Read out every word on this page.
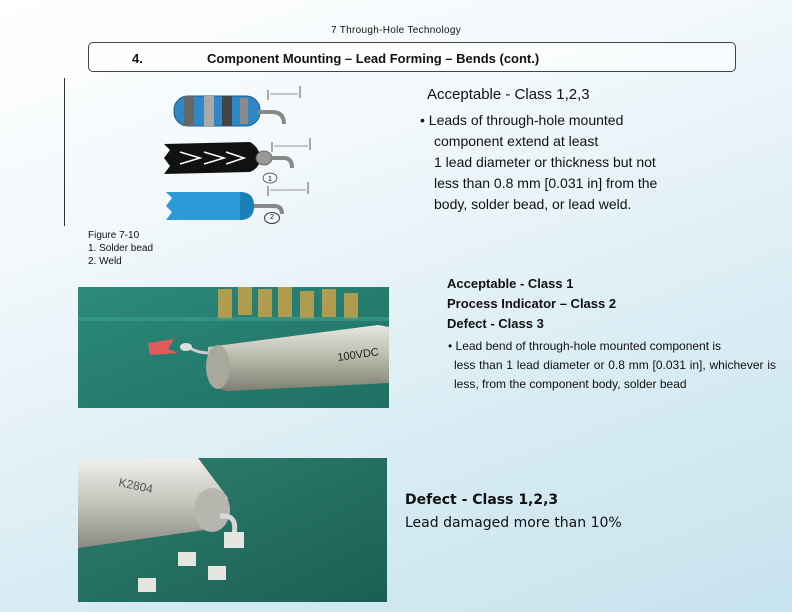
7 Through-Hole Technology
4.	Component Mounting – Lead Forming – Bends (cont.)
1
2
Figure 7-10
1. Solder bead
2. Weld
Acceptable - Class 1,2,3
• Leads of through-hole mounted
component extend at least
1 lead diameter or thickness but not
less than 0.8 mm [0.031 in] from the
body, solder bead, or lead weld.
100VDC
K2804
Acceptable - Class 1
Process Indicator – Class 2
Defect - Class 3
• Lead bend of through-hole mounted component is
less than 1 lead diameter or 0.8 mm [0.031 in], whichever is less, from the component body, solder bead
Defect - Class 1,2,3
Lead damaged more than 10%
